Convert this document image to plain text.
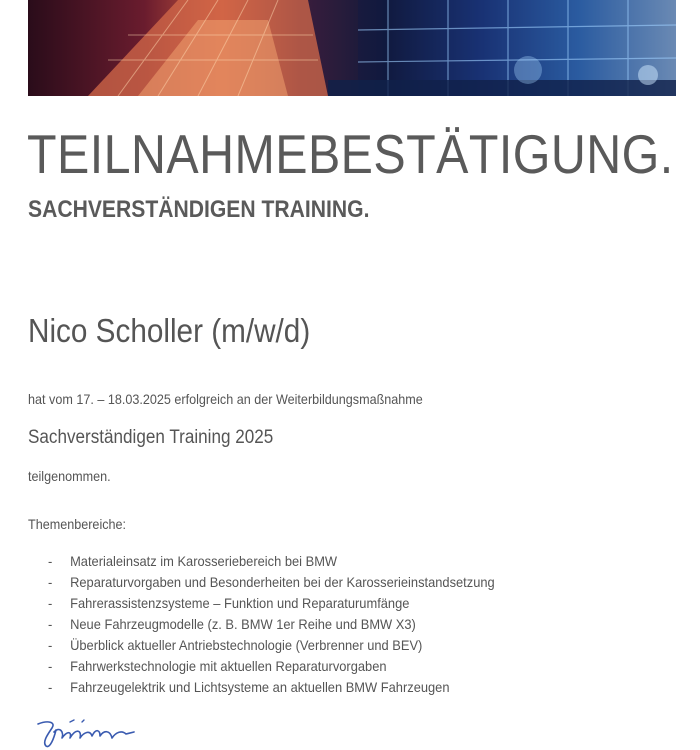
TEILNAHMEBESTÄTIGUNG.
SACHVERSTÄNDIGEN TRAINING.
Nico Scholler (m/w/d)
hat vom 17. – 18.03.2025 erfolgreich an der Weiterbildungsmaßnahme
Sachverständigen Training 2025
teilgenommen.
Themenbereiche:
- Materialeinsatz im Karosseriebereich bei BMW
- Reparaturvorgaben und Besonderheiten bei der Karosserieinstandsetzung
- Fahrerassistenzsysteme – Funktion und Reparaturumfänge
- Neue Fahrzeugmodelle (z. B. BMW 1er Reihe und BMW X3)
- Überblick aktueller Antriebstechnologie (Verbrenner und BEV)
- Fahrwerkstechnologie mit aktuellen Reparaturvorgaben
- Fahrzeugelektrik und Lichtsysteme an aktuellen BMW Fahrzeugen
